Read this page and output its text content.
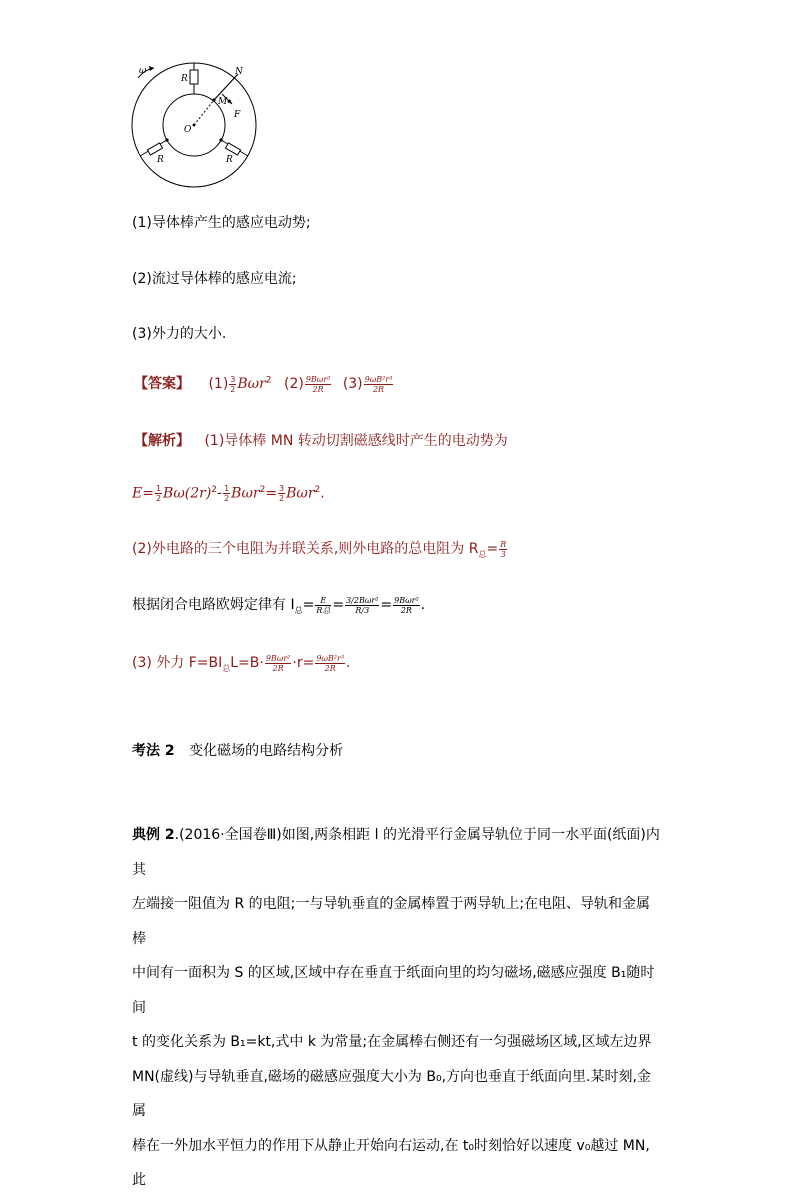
ω
R
R	R
N
M
F
O
(1)导体棒产生的感应电动势;
(2)流过导体棒的感应电流;
(3)外力的大小.
【答案】 $(1) \frac{3}{2} B\omega r^2$ $(2) \frac{\text{9Bωr²}}{2R} (3) \frac{\text{9ωB²r³}}{2R}$
【解析】 (1)导体棒 MN 转动切割磁感线时产生的电动势为
$E= \frac{1}{2} B\omega(2r)^2- \frac{1}{2} B\omega r^2= \frac{3}{2} B\omega r^2$.
(2)外电路的三个电阻为并联关系,则外电路的总电阻为 $R_总= \frac{R}{3}$
根据闭合电路欧姆定律有 $I_总= \frac{E}{\text{R总}} = \frac{\text{3/2Bωr²}}{R/3} = \frac{\text{9Bωr²}}{2R}$ .
(3) 外力 $F=BI_总L=B\cdot \frac{\text{9Bωr²}}{2R} \cdot r= \frac{\text{9ωB²r³}}{2R}$ .
考法 2 变化磁场的电路结构分析
典例 2.(2016·全国卷Ⅲ)如图,两条相距 l 的光滑平行金属导轨位于同一水平面(纸面)内其
左端接一阻值为 R 的电阻;一与导轨垂直的金属棒置于两导轨上;在电阻、导轨和金属棒
中间有一面积为 S 的区域,区域中存在垂直于纸面向里的均匀磁场,磁感应强度 B₁随时间
t 的变化关系为 B₁=kt,式中 k 为常量;在金属棒右侧还有一匀强磁场区域,区域左边界
MN(虚线)与导轨垂直,磁场的磁感应强度大小为 B₀,方向也垂直于纸面向里.某时刻,金属
棒在一外加水平恒力的作用下从静止开始向右运动,在 t₀时刻恰好以速度 v₀越过 MN,此
